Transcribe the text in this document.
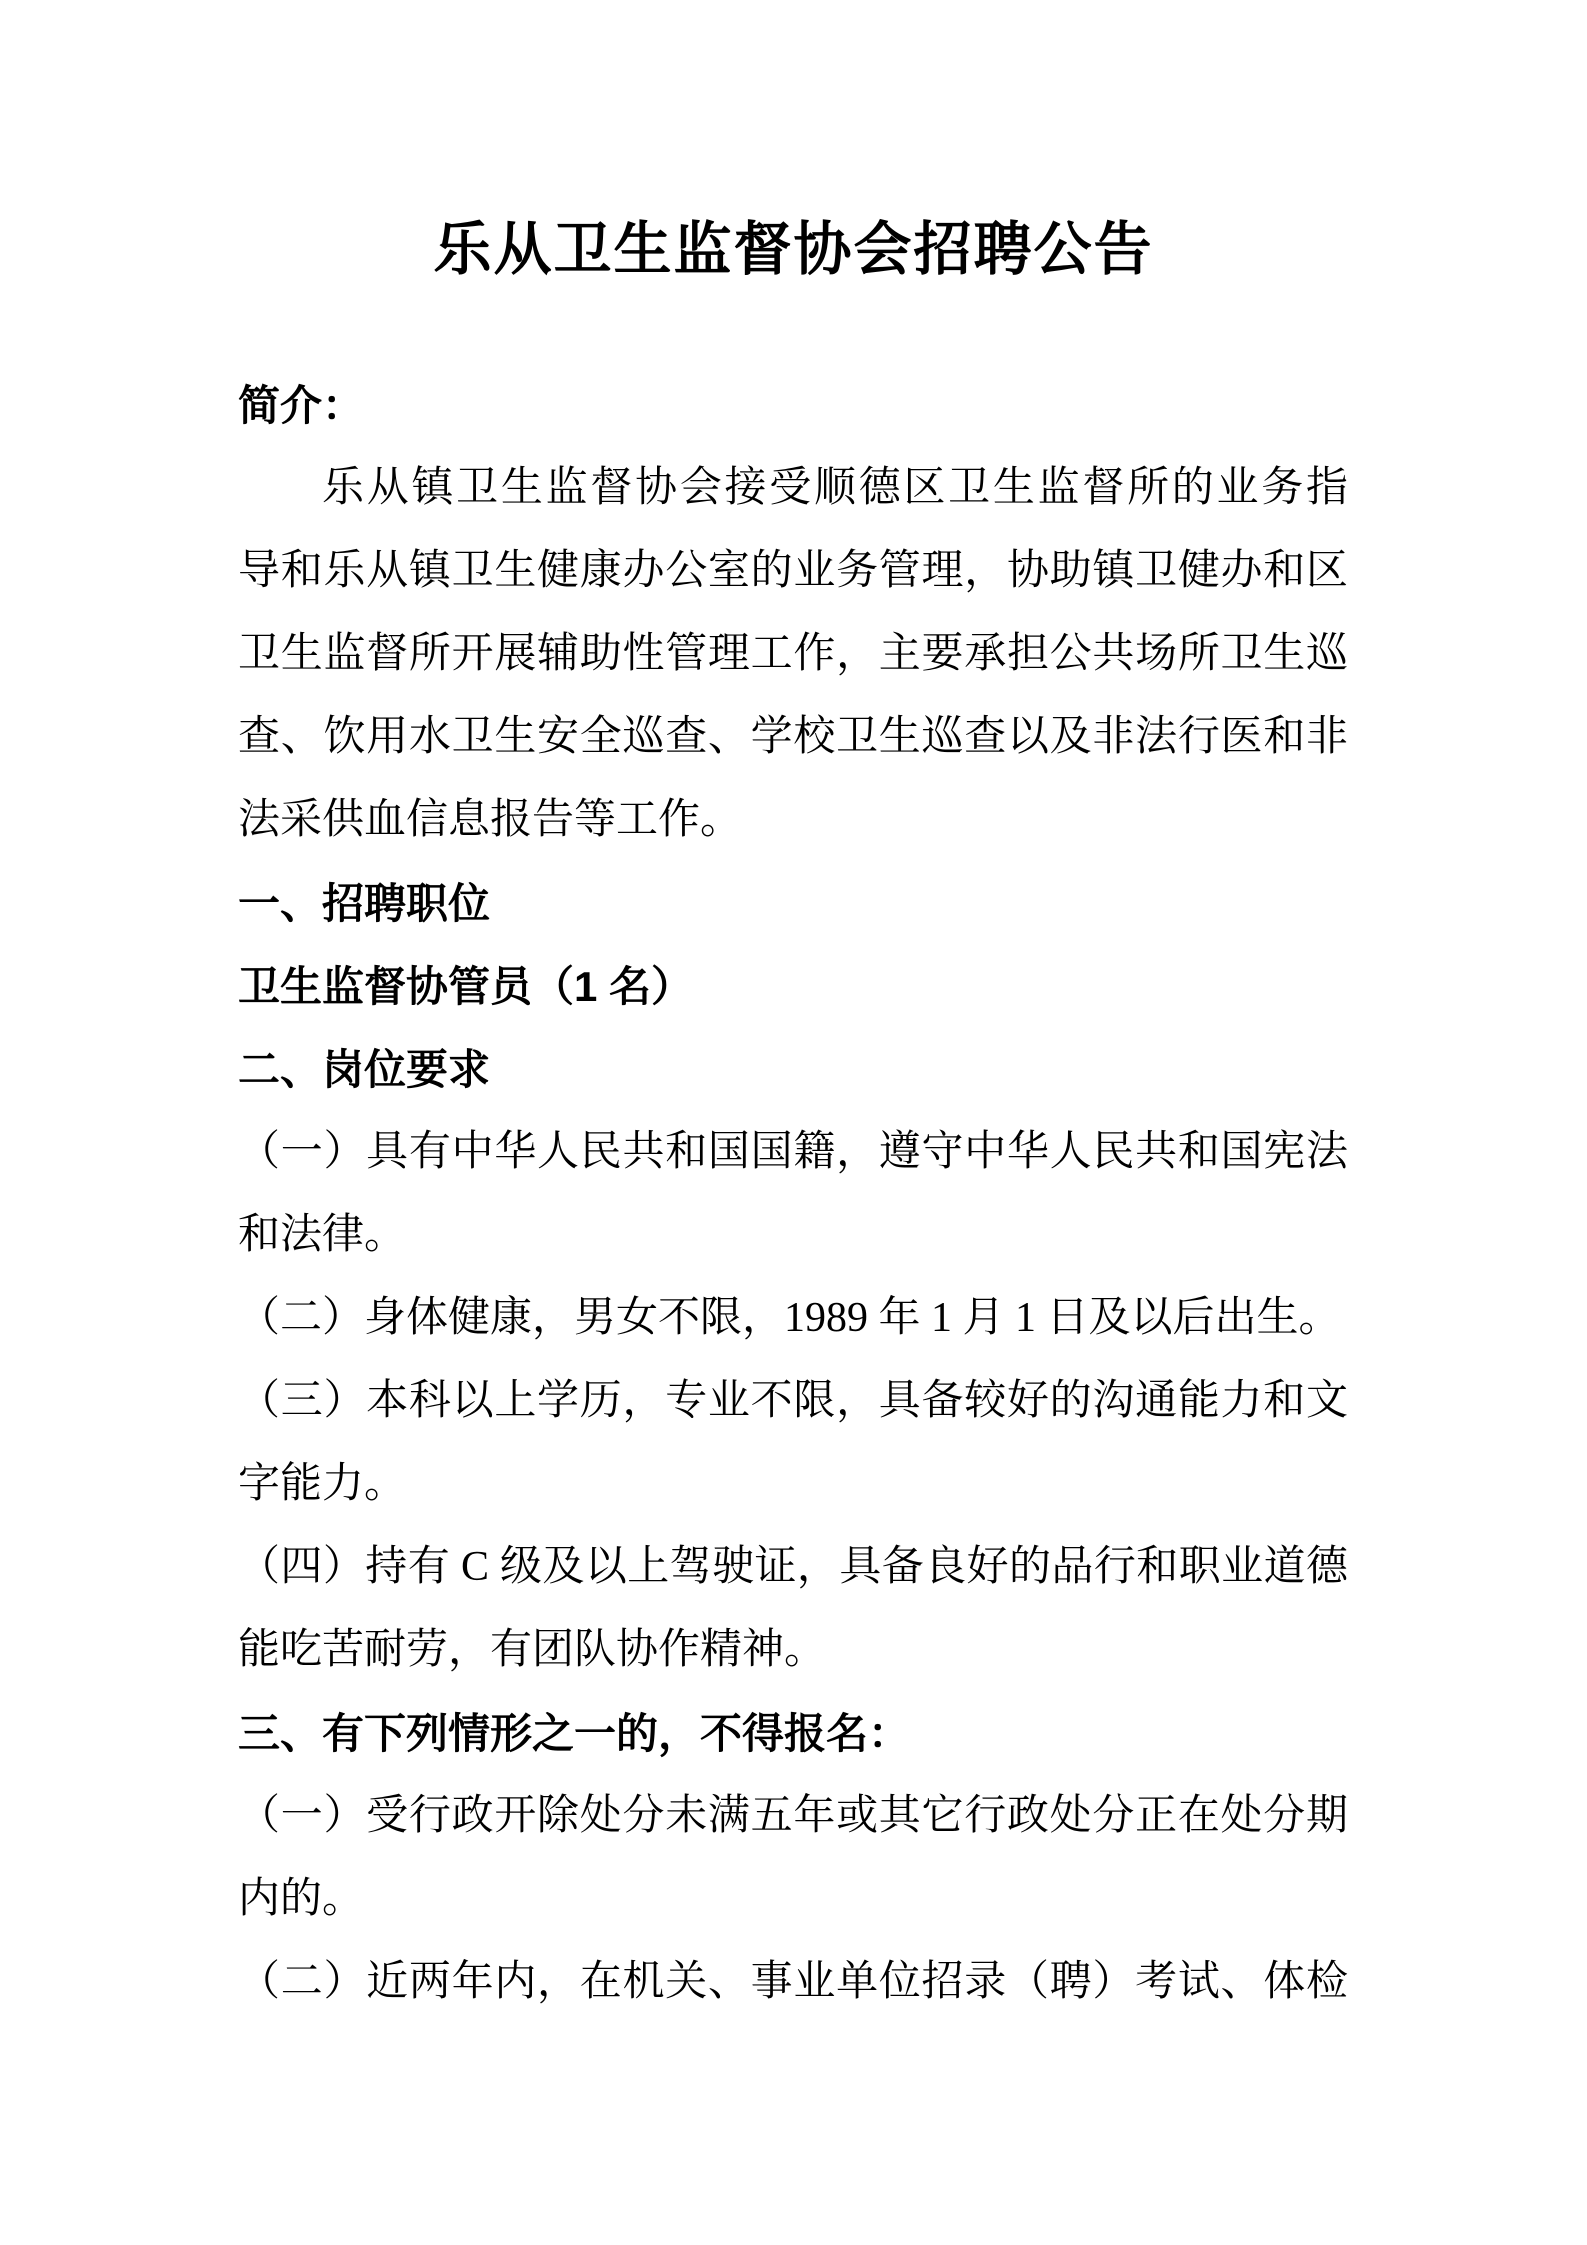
乐从卫生监督协会招聘公告
简介：
乐从镇卫生监督协会接受顺德区卫生监督所的业务指
导和乐从镇卫生健康办公室的业务管理，协助镇卫健办和区
卫生监督所开展辅助性管理工作，主要承担公共场所卫生巡
查、饮用水卫生安全巡查、学校卫生巡查以及非法行医和非
法采供血信息报告等工作。
一、招聘职位
卫生监督协管员（1 名）
二、岗位要求
（一）具有中华人民共和国国籍，遵守中华人民共和国宪法
和法律。
（二）身体健康，男女不限，1989 年 1 月 1 日及以后出生。
（三）本科以上学历，专业不限，具备较好的沟通能力和文
字能力。
（四）持有 C 级及以上驾驶证，具备良好的品行和职业道德
能吃苦耐劳，有团队协作精神。
三、有下列情形之一的，不得报名：
（一）受行政开除处分未满五年或其它行政处分正在处分期
内的。
（二）近两年内，在机关、事业单位招录（聘）考试、体检
